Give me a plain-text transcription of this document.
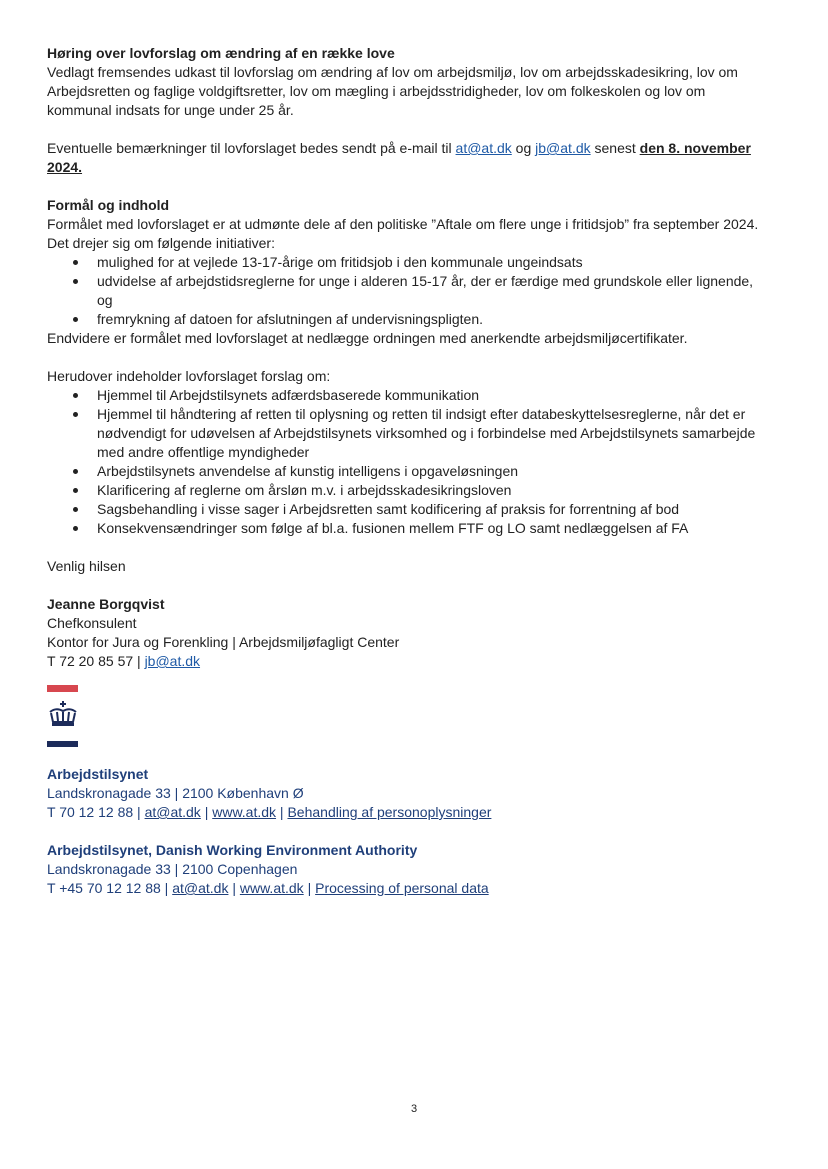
Høring over lovforslag om ændring af en række love

Vedlagt fremsendes udkast til lovforslag om ændring af lov om arbejdsmiljø, lov om arbejdsskadesikring, lov om Arbejdsretten og faglige voldgiftsretter, lov om mægling i arbejdsstridigheder, lov om folkeskolen og lov om kommunal indsats for unge under 25 år.

Eventuelle bemærkninger til lovforslaget bedes sendt på e-mail til at@at.dk og jb@at.dk senest den 8. november 2024.

Formål og indhold

Formålet med lovforslaget er at udmønte dele af den politiske ”Aftale om flere unge i fritidsjob” fra september 2024. Det drejer sig om følgende initiativer:

mulighed for at vejlede 13-17-årige om fritidsjob i den kommunale ungeindsats
udvidelse af arbejdstidsreglerne for unge i alderen 15-17 år, der er færdige med grundskole eller lignende, og
fremrykning af datoen for afslutningen af undervisningspligten.

Endvidere er formålet med lovforslaget at nedlægge ordningen med anerkendte arbejdsmiljøcertifikater.

Herudover indeholder lovforslaget forslag om:

Hjemmel til Arbejdstilsynets adfærdsbaserede kommunikation
Hjemmel til håndtering af retten til oplysning og retten til indsigt efter databeskyttelsesreglerne, når det er nødvendigt for udøvelsen af Arbejdstilsynets virksomhed og i forbindelse med Arbejdstilsynets samarbejde med andre offentlige myndigheder
Arbejdstilsynets anvendelse af kunstig intelligens i opgaveløsningen
Klarificering af reglerne om årsløn m.v. i arbejdsskadesikringsloven
Sagsbehandling i visse sager i Arbejdsretten samt kodificering af praksis for forrentning af bod
Konsekvensændringer som følge af bl.a. fusionen mellem FTF og LO samt nedlæggelsen af FA

Venlig hilsen

Jeanne Borgqvist

Chefkonsulent

Kontor for Jura og Forenkling | Arbejdsmiljøfagligt Center

T 72 20 85 57 | jb@at.dk

Arbejdstilsynet

Landskronagade 33 | 2100 København Ø

T 70 12 12 88 | at@at.dk | www.at.dk | Behandling af personoplysninger

Arbejdstilsynet, Danish Working Environment Authority

Landskronagade 33 | 2100 Copenhagen

T +45 70 12 12 88 | at@at.dk | www.at.dk | Processing of personal data

3
